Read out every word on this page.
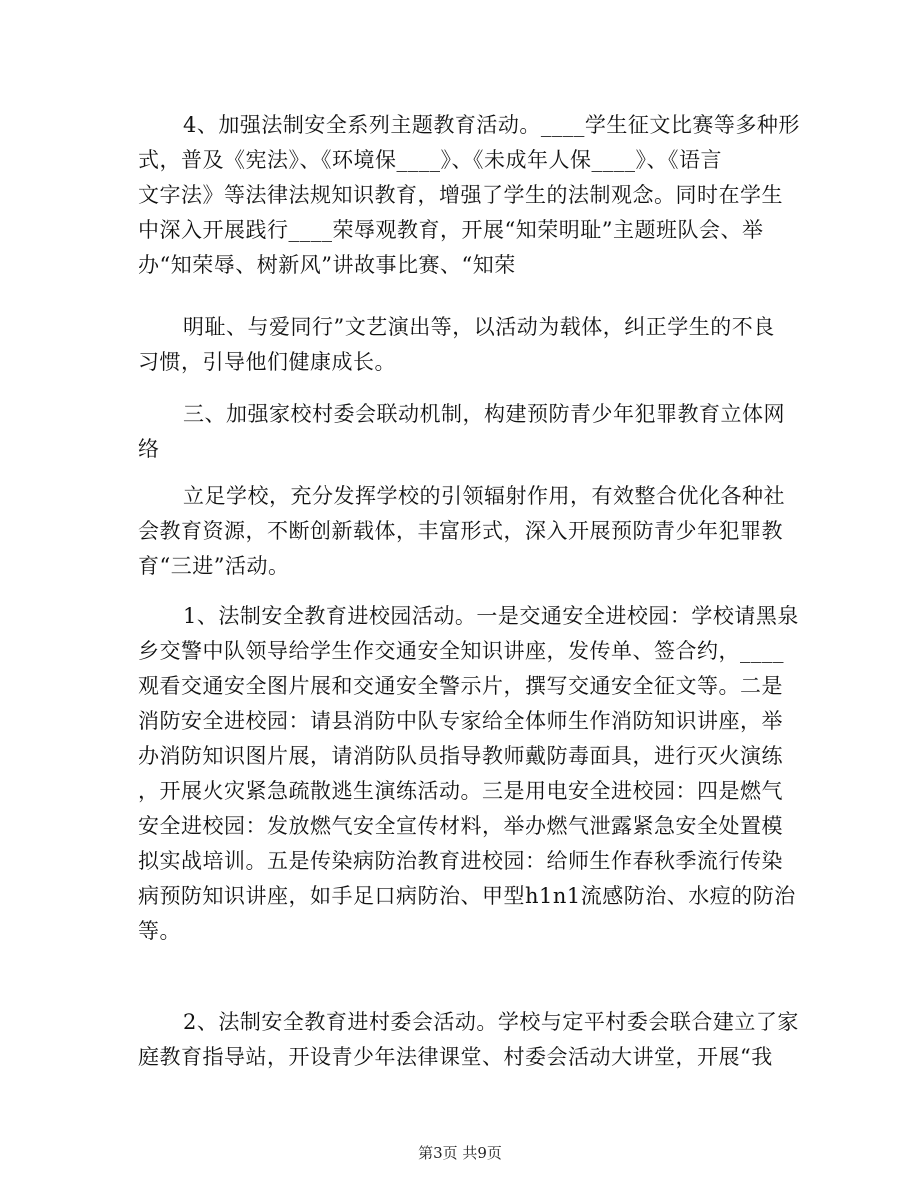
4、加强法制安全系列主题教育活动。____学生征文比赛等多种形
式，普及《宪法》、《环境保____》、《未成年人保____》、《语言
文字法》等法律法规知识教育，增强了学生的法制观念。同时在学生
中深入开展践行____荣辱观教育，开展“知荣明耻”主题班队会、举
办“知荣辱、树新风”讲故事比赛、“知荣

明耻、与爱同行”文艺演出等，以活动为载体，纠正学生的不良
习惯，引导他们健康成长。

三、加强家校村委会联动机制，构建预防青少年犯罪教育立体网
络

立足学校，充分发挥学校的引领辐射作用，有效整合优化各种社
会教育资源，不断创新载体，丰富形式，深入开展预防青少年犯罪教
育“三进”活动。

1、法制安全教育进校园活动。一是交通安全进校园：学校请黑泉
乡交警中队领导给学生作交通安全知识讲座，发传单、签合约，____
观看交通安全图片展和交通安全警示片，撰写交通安全征文等。二是
消防安全进校园：请县消防中队专家给全体师生作消防知识讲座，举
办消防知识图片展，请消防队员指导教师戴防毒面具，进行灭火演练
，开展火灾紧急疏散逃生演练活动。三是用电安全进校园：四是燃气
安全进校园：发放燃气安全宣传材料，举办燃气泄露紧急安全处置模
拟实战培训。五是传染病防治教育进校园：给师生作春秋季流行传染
病预防知识讲座，如手足口病防治、甲型h1n1流感防治、水痘的防治
等。

2、法制安全教育进村委会活动。学校与定平村委会联合建立了家
庭教育指导站，开设青少年法律课堂、村委会活动大讲堂，开展“我

第3页 共9页
